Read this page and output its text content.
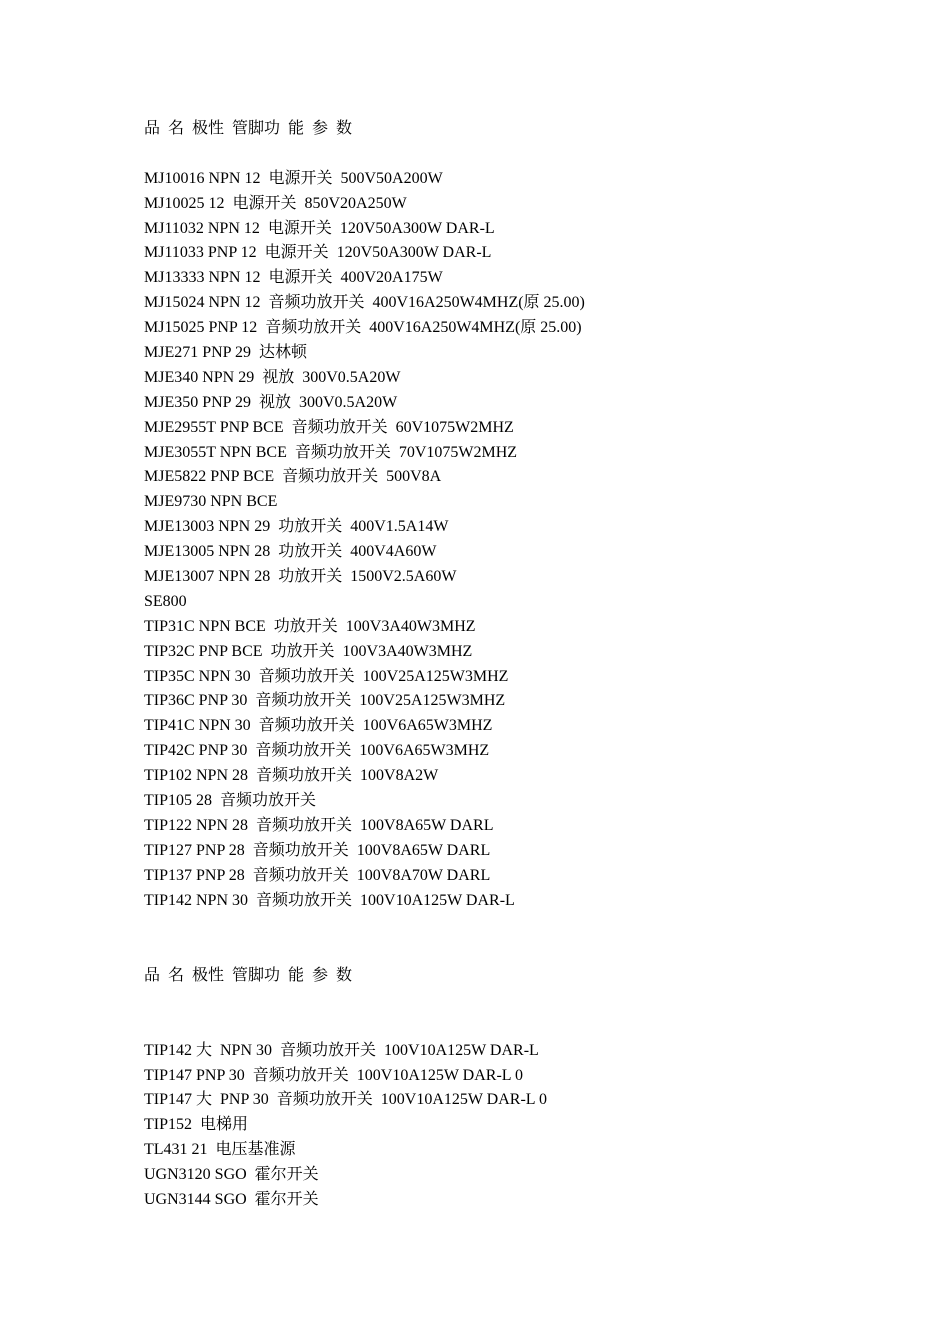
品  名  极性  管脚功  能  参  数
MJ10016 NPN 12  电源开关  500V50A200W
MJ10025 12  电源开关  850V20A250W
MJ11032 NPN 12  电源开关  120V50A300W DAR-L
MJ11033 PNP 12  电源开关  120V50A300W DAR-L
MJ13333 NPN 12  电源开关  400V20A175W
MJ15024 NPN 12  音频功放开关  400V16A250W4MHZ(原 25.00)
MJ15025 PNP 12  音频功放开关  400V16A250W4MHZ(原 25.00)
MJE271 PNP 29  达林顿
MJE340 NPN 29  视放  300V0.5A20W
MJE350 PNP 29  视放  300V0.5A20W
MJE2955T PNP BCE  音频功放开关  60V1075W2MHZ
MJE3055T NPN BCE  音频功放开关  70V1075W2MHZ
MJE5822 PNP BCE  音频功放开关  500V8A
MJE9730 NPN BCE
MJE13003 NPN 29  功放开关  400V1.5A14W
MJE13005 NPN 28  功放开关  400V4A60W
MJE13007 NPN 28  功放开关  1500V2.5A60W
SE800
TIP31C NPN BCE  功放开关  100V3A40W3MHZ
TIP32C PNP BCE  功放开关  100V3A40W3MHZ
TIP35C NPN 30  音频功放开关  100V25A125W3MHZ
TIP36C PNP 30  音频功放开关  100V25A125W3MHZ
TIP41C NPN 30  音频功放开关  100V6A65W3MHZ
TIP42C PNP 30  音频功放开关  100V6A65W3MHZ
TIP102 NPN 28  音频功放开关  100V8A2W
TIP105 28  音频功放开关
TIP122 NPN 28  音频功放开关  100V8A65W DARL
TIP127 PNP 28  音频功放开关  100V8A65W DARL
TIP137 PNP 28  音频功放开关  100V8A70W DARL
TIP142 NPN 30  音频功放开关  100V10A125W DAR-L
品  名  极性  管脚功  能  参  数
TIP142 大  NPN 30  音频功放开关  100V10A125W DAR-L
TIP147 PNP 30  音频功放开关  100V10A125W DAR-L 0
TIP147 大  PNP 30  音频功放开关  100V10A125W DAR-L 0
TIP152  电梯用
TL431 21  电压基准源
UGN3120 SGO  霍尔开关
UGN3144 SGO  霍尔开关
